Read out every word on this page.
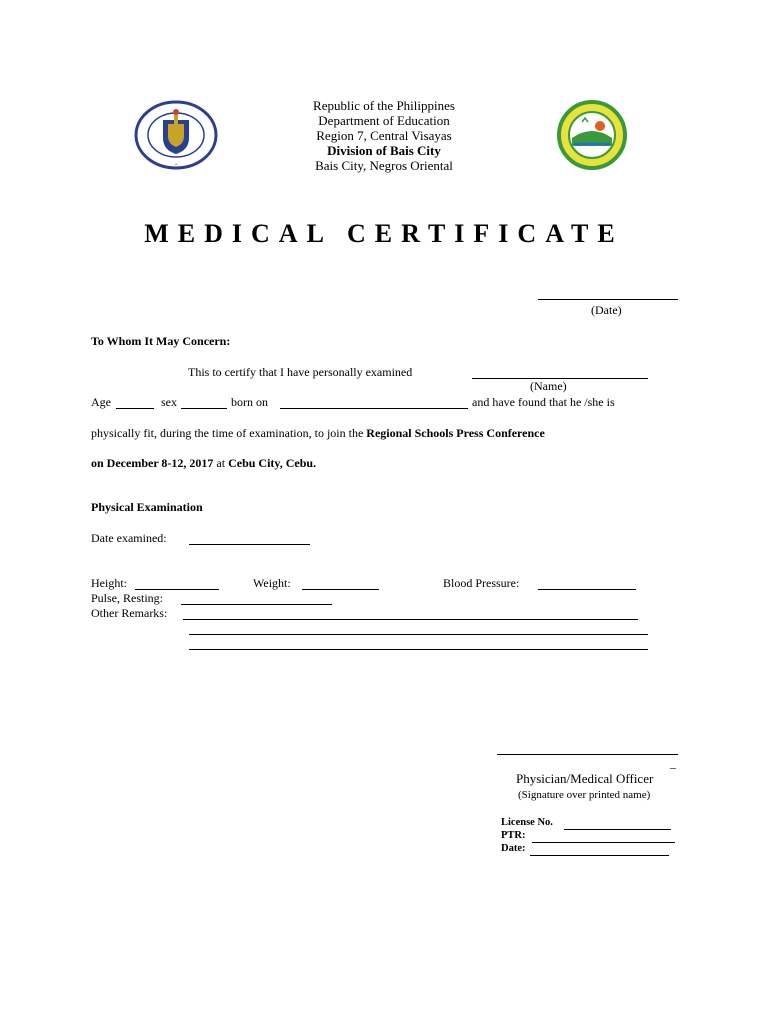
•
Republic of the Philippines
Department of Education
Region 7, Central Visayas
Division of Bais City
Bais City, Negros Oriental
MEDICAL CERTIFICATE
(Date)
To Whom It May Concern:
This to certify that I have personally examined
(Name)
Age	sex	born on	and have found that he /she is
physically fit, during the time of examination, to join the Regional Schools Press Conference
on December 8-12, 2017 at Cebu City, Cebu.
Physical Examination
Date examined:
Height:	Weight:	Blood Pressure:
Pulse, Resting:
Other Remarks:
_
Physician/Medical Officer
(Signature over printed name)
License No.
PTR:
Date:
